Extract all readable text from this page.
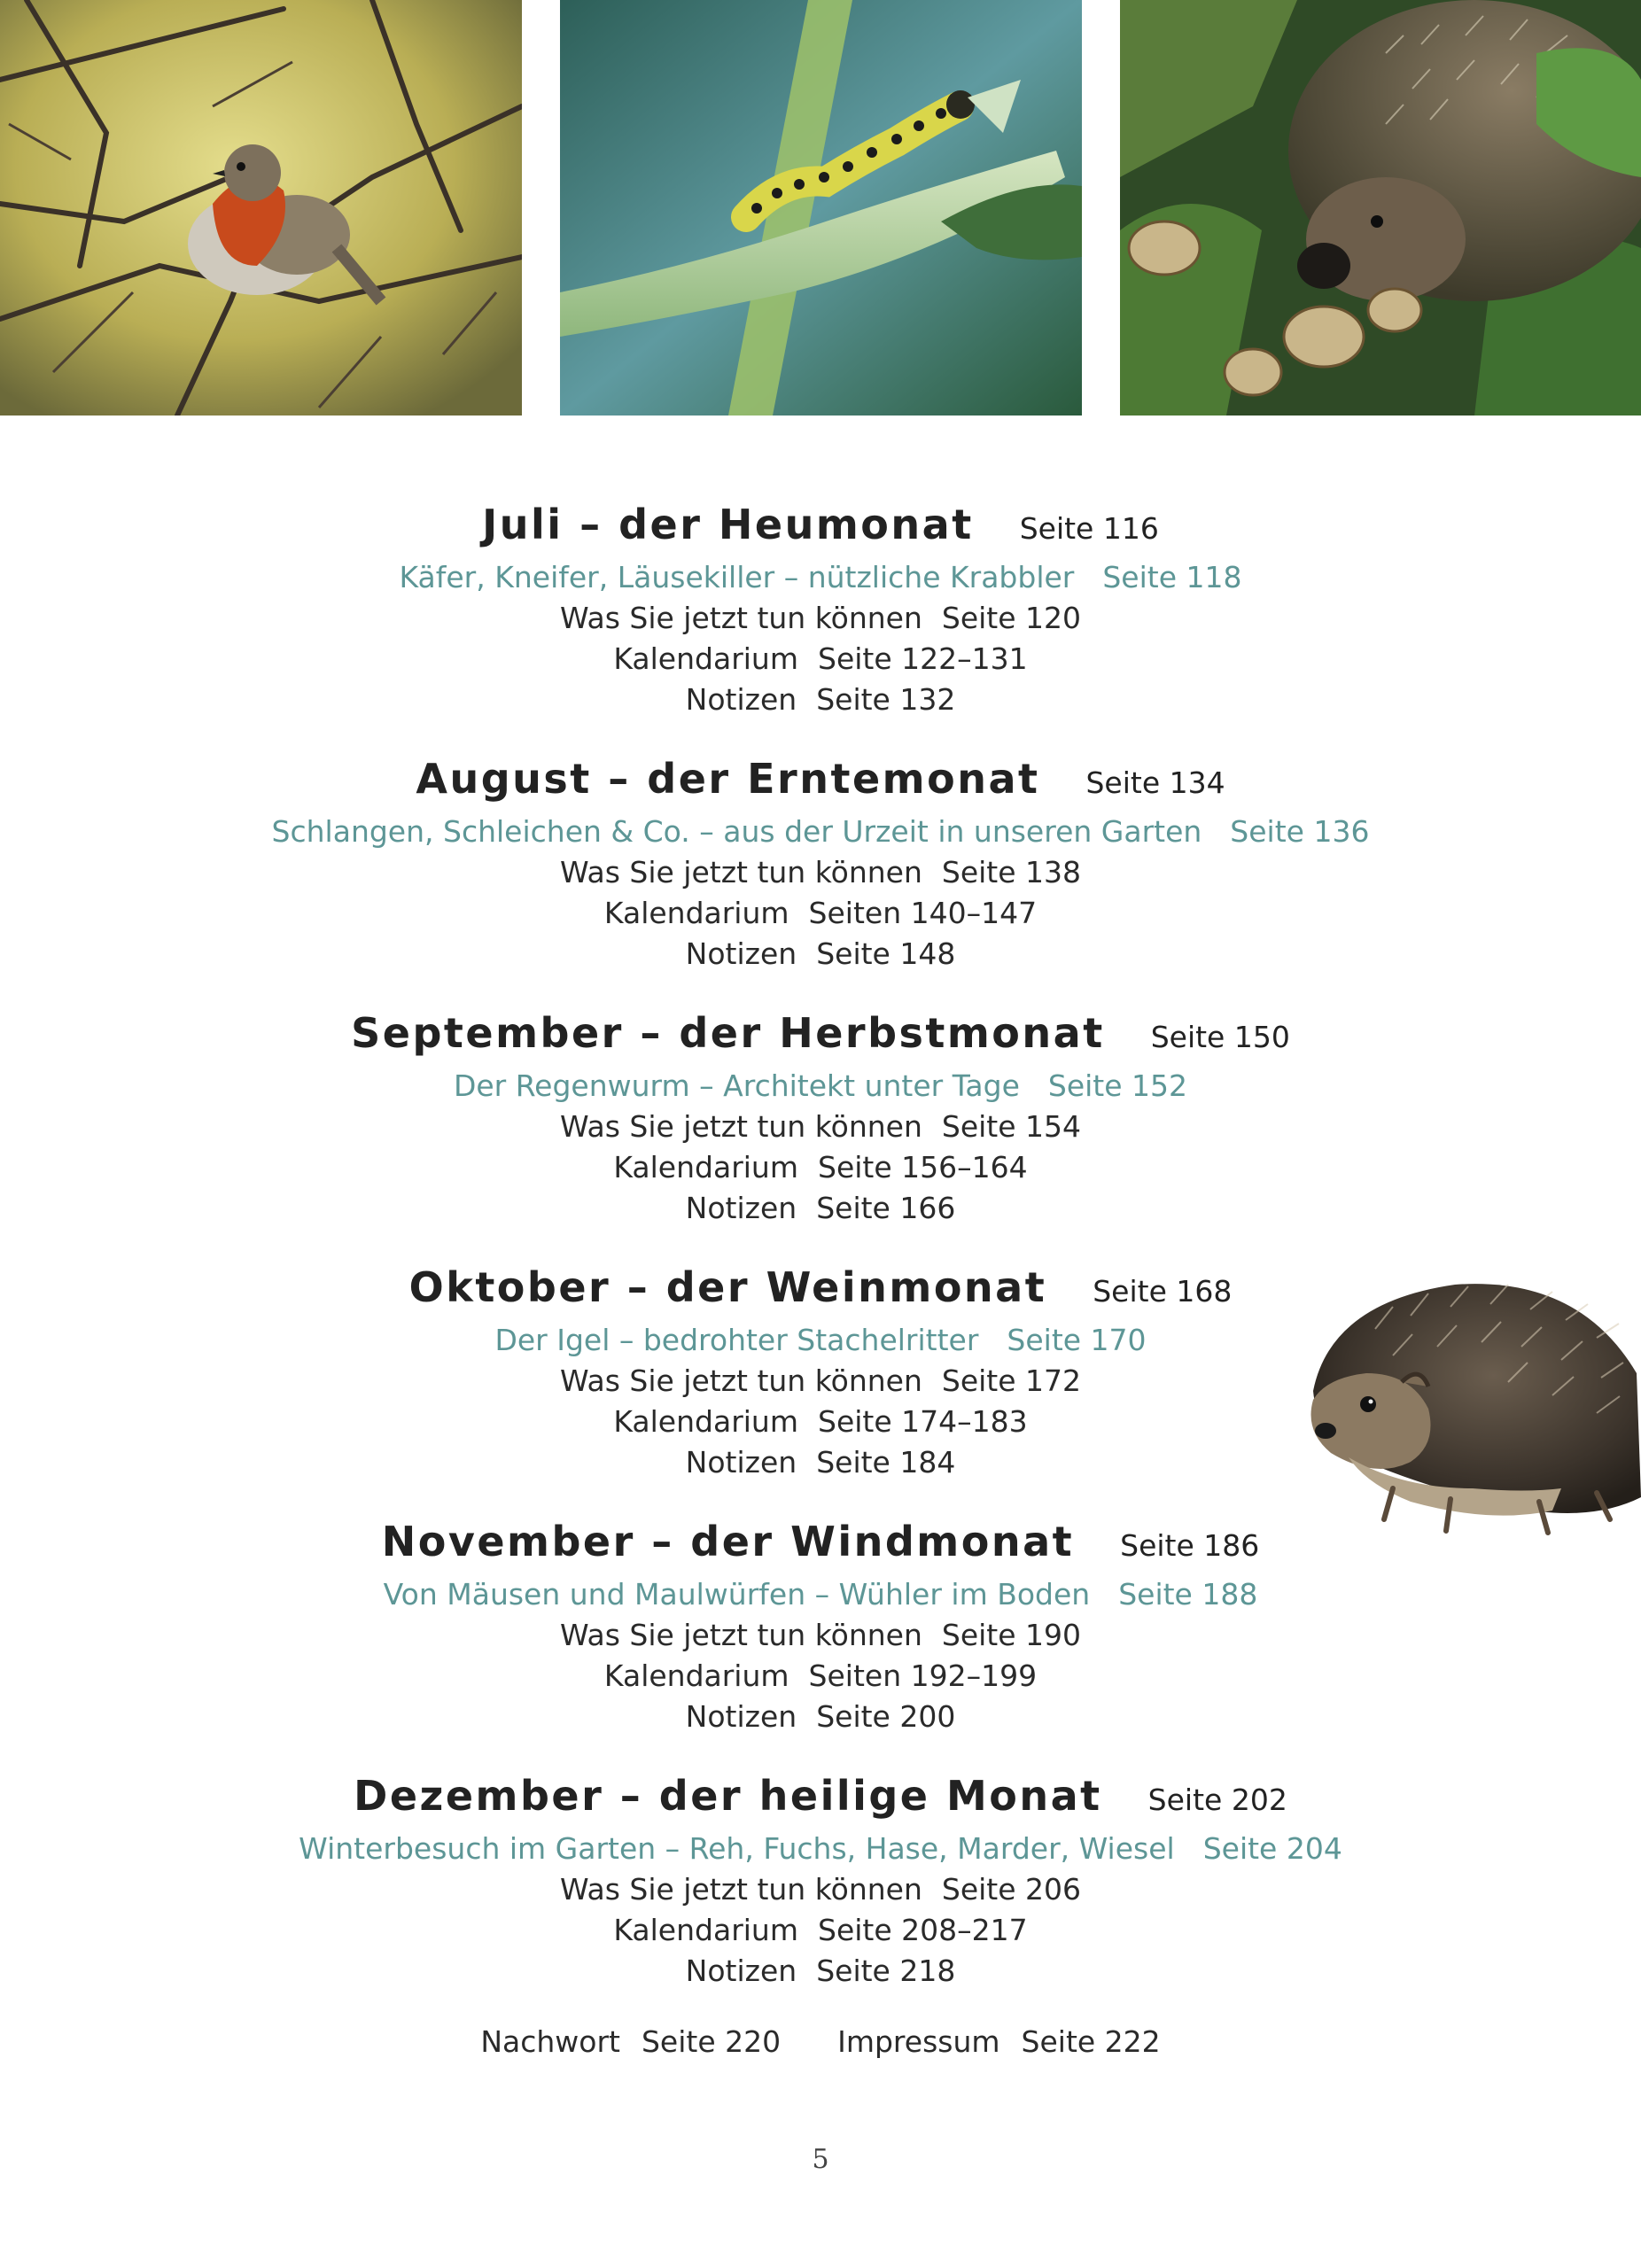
Juli – der Heumonat Seite 116
Käfer, Kneifer, Läusekiller – nützliche Krabbler Seite 118
Was Sie jetzt tun können Seite 120
Kalendarium Seite 122–131
Notizen Seite 132
August – der Erntemonat Seite 134
Schlangen, Schleichen & Co. – aus der Urzeit in unseren Garten Seite 136
Was Sie jetzt tun können Seite 138
Kalendarium Seiten 140–147
Notizen Seite 148
September – der Herbstmonat Seite 150
Der Regenwurm – Architekt unter Tage Seite 152
Was Sie jetzt tun können Seite 154
Kalendarium Seite 156–164
Notizen Seite 166
Oktober – der Weinmonat Seite 168
Der Igel – bedrohter Stachelritter Seite 170
Was Sie jetzt tun können Seite 172
Kalendarium Seite 174–183
Notizen Seite 184
November – der Windmonat Seite 186
Von Mäusen und Maulwürfen – Wühler im Boden Seite 188
Was Sie jetzt tun können Seite 190
Kalendarium Seiten 192–199
Notizen Seite 200
Dezember – der heilige Monat Seite 202
Winterbesuch im Garten – Reh, Fuchs, Hase, Marder, Wiesel Seite 204
Was Sie jetzt tun können Seite 206
Kalendarium Seite 208–217
Notizen Seite 218
Nachwort Seite 220 Impressum Seite 222
5
